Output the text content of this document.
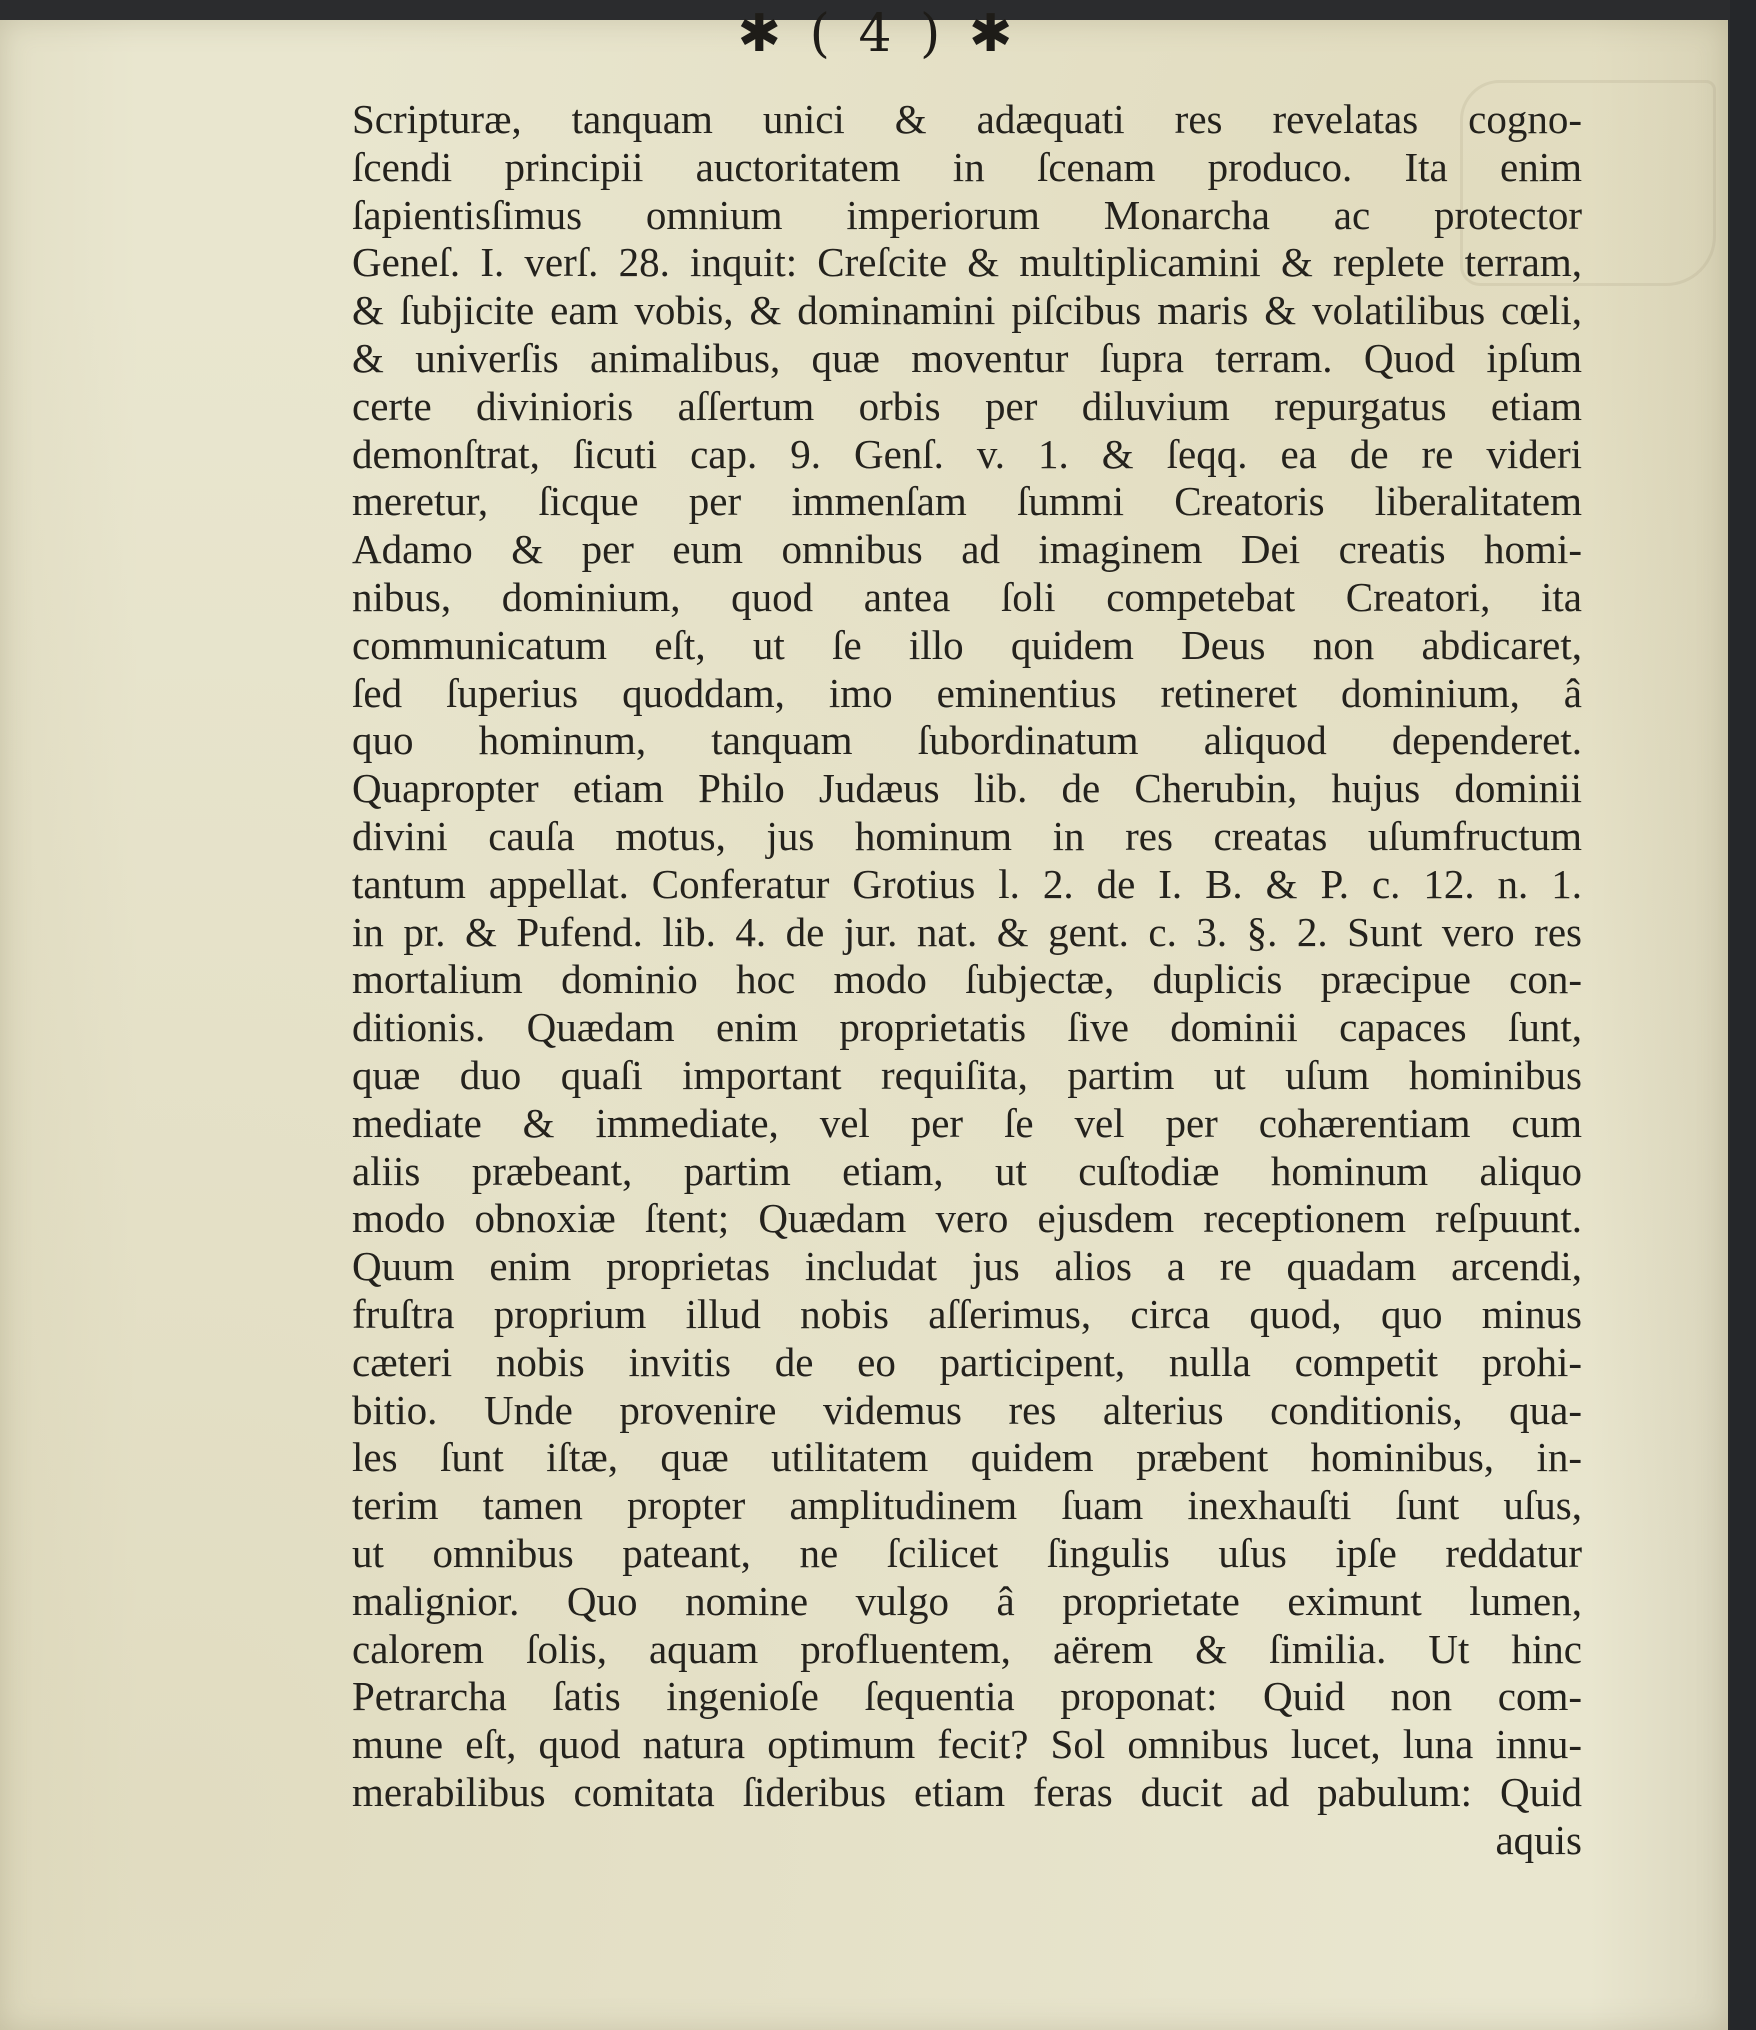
✱ ( 4 ) ✱
Scripturæ, tanquam unici & adæquati res revelatas cogno-
ſcendi principii auctoritatem in ſcenam produco. Ita enim
ſapientisſimus omnium imperiorum Monarcha ac protector
Geneſ. I. verſ. 28. inquit: Creſcite & multiplicamini & replete terram,
& ſubjicite eam vobis, & dominamini piſcibus maris & volatilibus cœli,
& univerſis animalibus, quæ moventur ſupra terram. Quod ipſum
certe divinioris aſſertum orbis per diluvium repurgatus etiam
demonſtrat, ſicuti cap. 9. Genſ. v. 1. & ſeqq. ea de re videri
meretur, ſicque per immenſam ſummi Creatoris liberalitatem
Adamo & per eum omnibus ad imaginem Dei creatis homi-
nibus, dominium, quod antea ſoli competebat Creatori, ita
communicatum eſt, ut ſe illo quidem Deus non abdicaret,
ſed ſuperius quoddam, imo eminentius retineret dominium, â
quo hominum, tanquam ſubordinatum aliquod dependeret.
Quapropter etiam Philo Judæus lib. de Cherubin, hujus dominii
divini cauſa motus, jus hominum in res creatas uſumfructum
tantum appellat. Conferatur Grotius l. 2. de I. B. & P. c. 12. n. 1.
in pr. & Pufend. lib. 4. de jur. nat. & gent. c. 3. §. 2. Sunt vero res
mortalium dominio hoc modo ſubjectæ, duplicis præcipue con-
ditionis. Quædam enim proprietatis ſive dominii capaces ſunt,
quæ duo quaſi important requiſita, partim ut uſum hominibus
mediate & immediate, vel per ſe vel per cohærentiam cum
aliis præbeant, partim etiam, ut cuſtodiæ hominum aliquo
modo obnoxiæ ſtent; Quædam vero ejusdem receptionem reſpuunt.
Quum enim proprietas includat jus alios a re quadam arcendi,
fruſtra proprium illud nobis aſſerimus, circa quod, quo minus
cæteri nobis invitis de eo participent, nulla competit prohi-
bitio. Unde provenire videmus res alterius conditionis, qua-
les ſunt iſtæ, quæ utilitatem quidem præbent hominibus, in-
terim tamen propter amplitudinem ſuam inexhauſti ſunt uſus,
ut omnibus pateant, ne ſcilicet ſingulis uſus ipſe reddatur
malignior. Quo nomine vulgo â proprietate eximunt lumen,
calorem ſolis, aquam profluentem, aërem & ſimilia. Ut hinc
Petrarcha ſatis ingenioſe ſequentia proponat: Quid non com-
mune eſt, quod natura optimum fecit? Sol omnibus lucet, luna innu-
merabilibus comitata ſideribus etiam feras ducit ad pabulum: Quid
aquis
